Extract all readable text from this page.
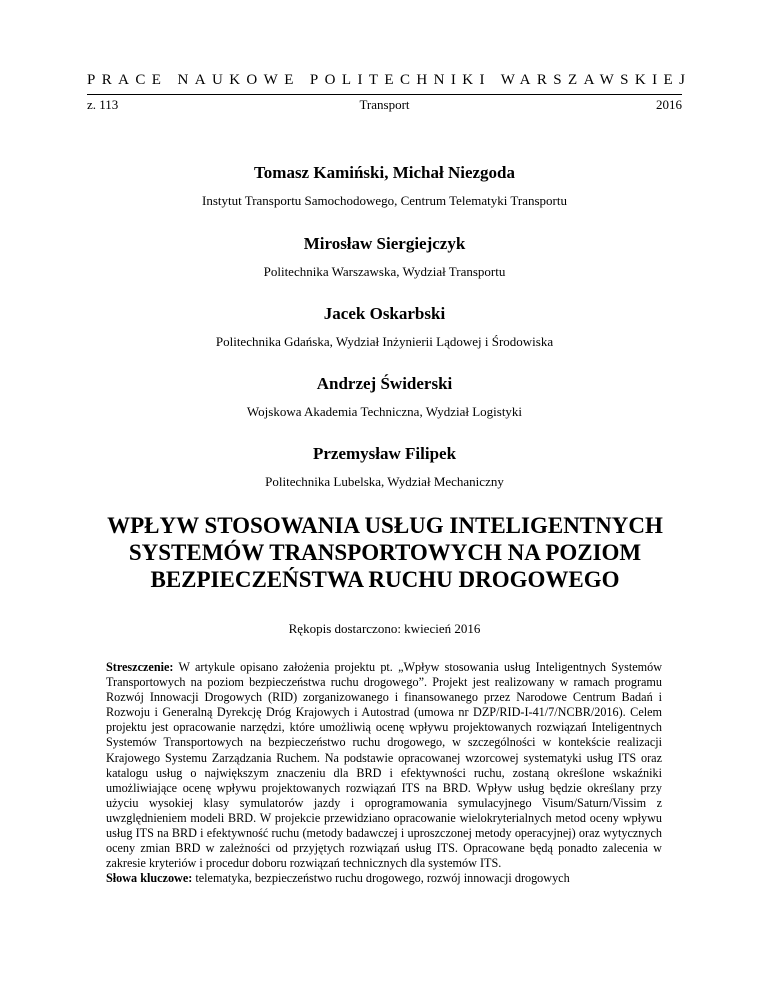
PRACE NAUKOWE POLITECHNIKI WARSZAWSKIEJ
z. 113	Transport	2016
Tomasz Kamiński, Michał Niezgoda
Instytut Transportu Samochodowego, Centrum Telematyki Transportu
Mirosław Siergiejczyk
Politechnika Warszawska, Wydział Transportu
Jacek Oskarbski
Politechnika Gdańska, Wydział Inżynierii Lądowej i Środowiska
Andrzej Świderski
Wojskowa Akademia Techniczna, Wydział Logistyki
Przemysław Filipek
Politechnika Lubelska, Wydział Mechaniczny
WPŁYW STOSOWANIA USŁUG INTELIGENTNYCH
SYSTEMÓW TRANSPORTOWYCH NA POZIOM
BEZPIECZEŃSTWA RUCHU DROGOWEGO
Rękopis dostarczono: kwiecień 2016

Streszczenie: W artykule opisano założenia projektu pt. „Wpływ stosowania usług Inteligentnych Systemów Transportowych na poziom bezpieczeństwa ruchu drogowego”. Projekt jest realizowany w ramach programu Rozwój Innowacji Drogowych (RID) zorganizowanego i finansowanego przez Narodowe Centrum Badań i Rozwoju i Generalną Dyrekcję Dróg Krajowych i Autostrad (umowa nr DZP/RID-I-41/7/NCBR/2016). Celem projektu jest opracowanie narzędzi, które umożliwią ocenę wpływu projektowanych rozwiązań Inteligentnych Systemów Transportowych na bezpieczeństwo ruchu drogowego, w szczególności w kontekście realizacji Krajowego Systemu Zarządzania Ruchem. Na podstawie opracowanej wzorcowej systematyki usług ITS oraz katalogu usług o największym znaczeniu dla BRD i efektywności ruchu, zostaną określone wskaźniki umożliwiające ocenę wpływu projektowanych rozwiązań ITS na BRD. Wpływ usług będzie określany przy użyciu wysokiej klasy symulatorów jazdy i oprogramowania symulacyjnego Visum/Saturn/Vissim z uwzględnieniem modeli BRD. W projekcie przewidziano opracowanie wielokryterialnych metod oceny wpływu usług ITS na BRD i efektywność ruchu (metody badawczej i uproszczonej metody operacyjnej) oraz wytycznych oceny zmian BRD w zależności od przyjętych rozwiązań usług ITS. Opracowane będą ponadto zalecenia w zakresie kryteriów i procedur doboru rozwiązań technicznych dla systemów ITS.

Słowa kluczowe: telematyka, bezpieczeństwo ruchu drogowego, rozwój innowacji drogowych
